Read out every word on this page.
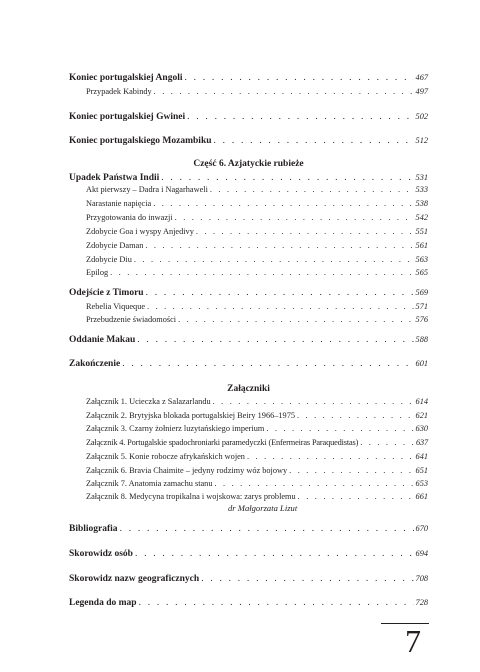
Koniec portugalskiej Angoli . . .	467
Przypadek Kabindy . . .	497
Koniec portugalskiej Gwinei . . .	502
Koniec portugalskiego Mozambiku . . .	512
Część 6. Azjatyckie rubieże
Upadek Państwa Indii . . .	531
Akt pierwszy – Dadra i Nagarhaweli . . .	533
Narastanie napięcia . . .	538
Przygotowania do inwazji . . .	542
Zdobycie Goa i wyspy Anjedivy . . .	551
Zdobycie Daman . . .	561
Zdobycie Diu . . .	563
Epilog . . .	565
Odejście z Timoru . . .	569
Rebelia Viqueque . . .	571
Przebudzenie świadomości . . .	576
Oddanie Makau . . .	588
Zakończenie . . .	601
Załączniki
Załącznik 1. Ucieczka z Salazarlandu . . .	614
Załącznik 2. Brytyjska blokada portugalskiej Beiry 1966–1975 . . .	621
Załącznik 3. Czarny żołnierz luzytańskiego imperium . . .	630
Załącznik 4. Portugalskie spadochroniarki paramedyczki (Enfermeiras Paraquedistas) . . .	637
Załącznik 5. Konie robocze afrykańskich wojen . . .	641
Załącznik 6. Bravia Chaimite – jedyny rodzimy wóz bojowy . . .	651
Załącznik 7. Anatomia zamachu stanu . . .	653
Załącznik 8. Medycyna tropikalna i wojskowa: zarys problemu . . .	661
dr Małgorzata Lizut
Bibliografia . . .	670
Skorowidz osób . . .	694
Skorowidz nazw geograficznych . . .	708
Legenda do map . . .	728
7
